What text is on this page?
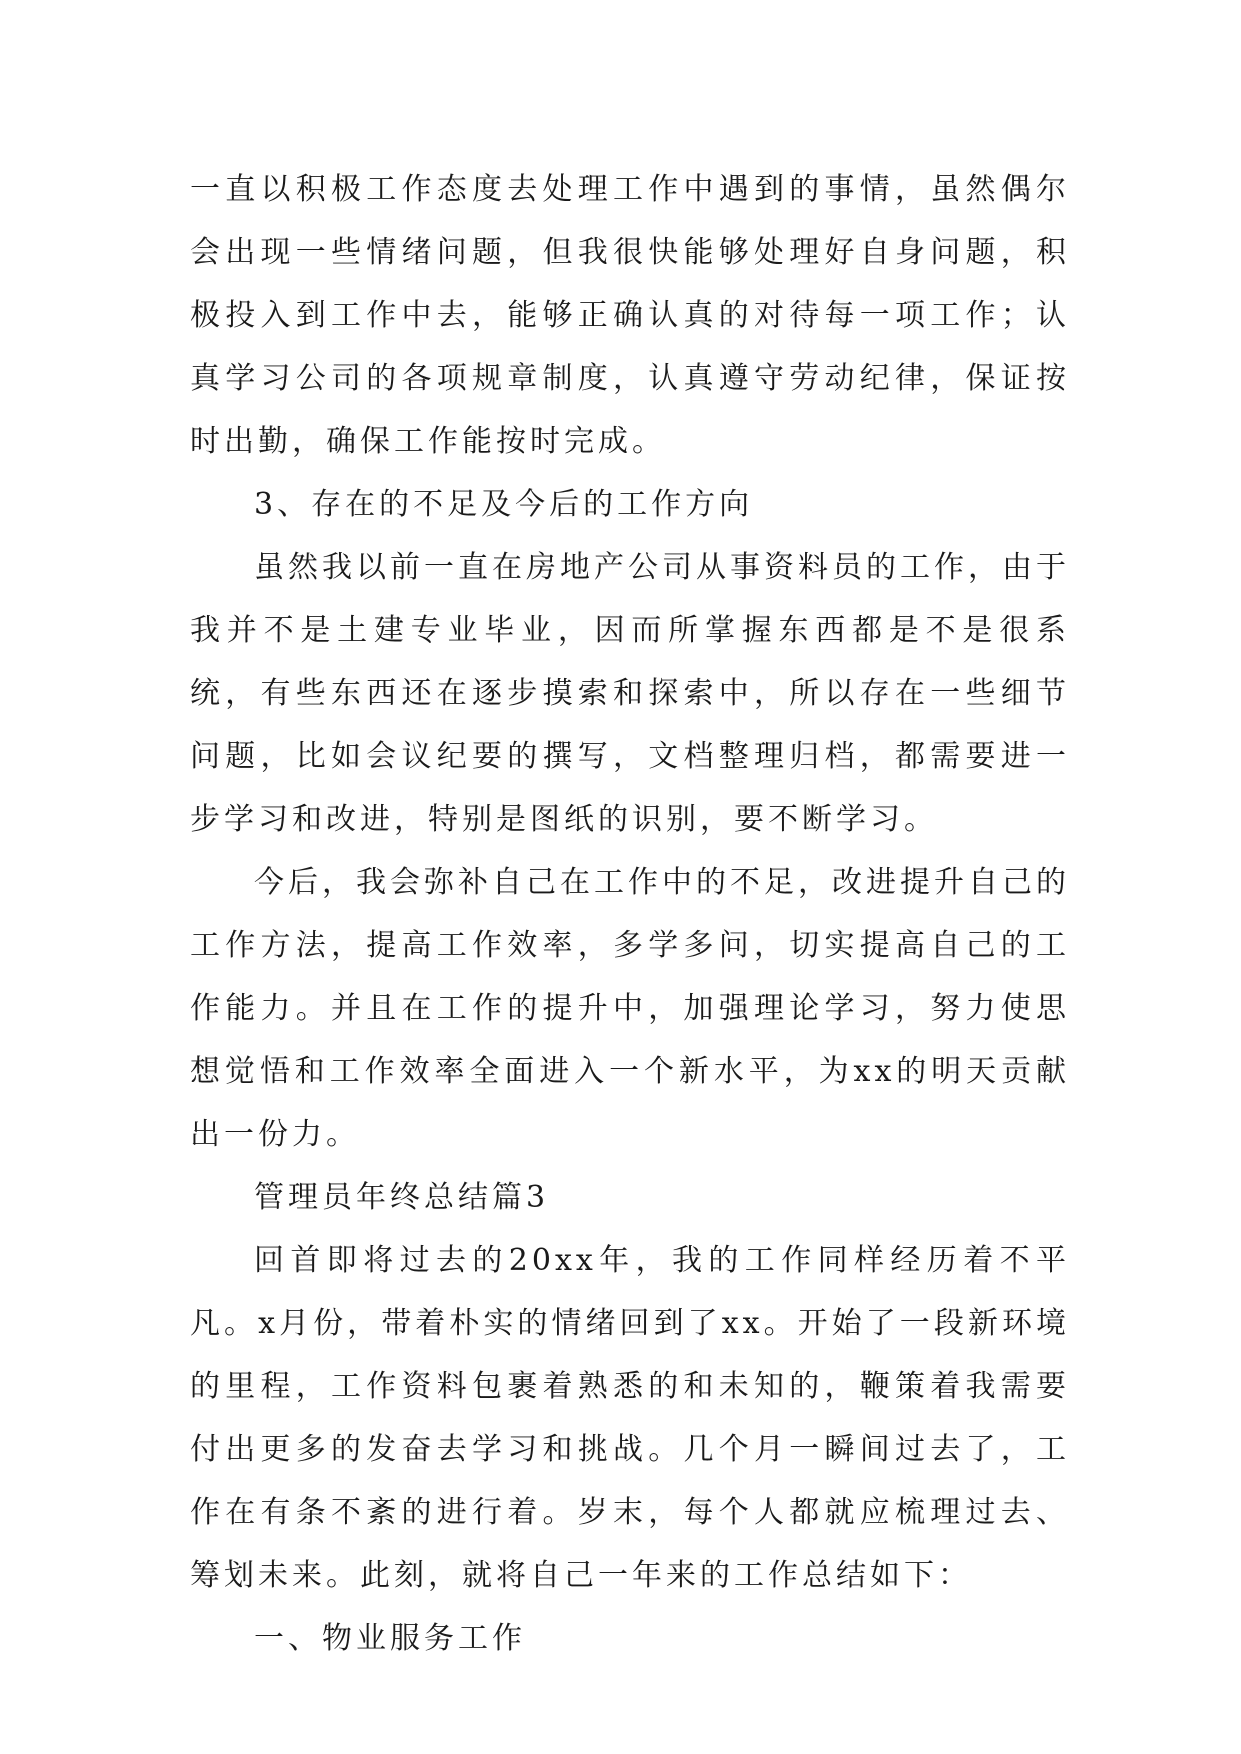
一直以积极工作态度去处理工作中遇到的事情，虽然偶尔会出现一些情绪问题，但我很快能够处理好自身问题，积极投入到工作中去，能够正确认真的对待每一项工作；认真学习公司的各项规章制度，认真遵守劳动纪律，保证按时出勤，确保工作能按时完成。

3、存在的不足及今后的工作方向

虽然我以前一直在房地产公司从事资料员的工作，由于我并不是土建专业毕业，因而所掌握东西都是不是很系统，有些东西还在逐步摸索和探索中，所以存在一些细节问题，比如会议纪要的撰写，文档整理归档，都需要进一步学习和改进，特别是图纸的识别，要不断学习。

今后，我会弥补自己在工作中的不足，改进提升自己的工作方法，提高工作效率，多学多问，切实提高自己的工作能力。并且在工作的提升中，加强理论学习，努力使思想觉悟和工作效率全面进入一个新水平，为xx的明天贡献出一份力。

管理员年终总结篇3

回首即将过去的20xx年，我的工作同样经历着不平凡。x月份，带着朴实的情绪回到了xx。开始了一段新环境的里程，工作资料包裹着熟悉的和未知的，鞭策着我需要付出更多的发奋去学习和挑战。几个月一瞬间过去了，工作在有条不紊的进行着。岁末，每个人都就应梳理过去、筹划未来。此刻，就将自己一年来的工作总结如下：

一、物业服务工作
